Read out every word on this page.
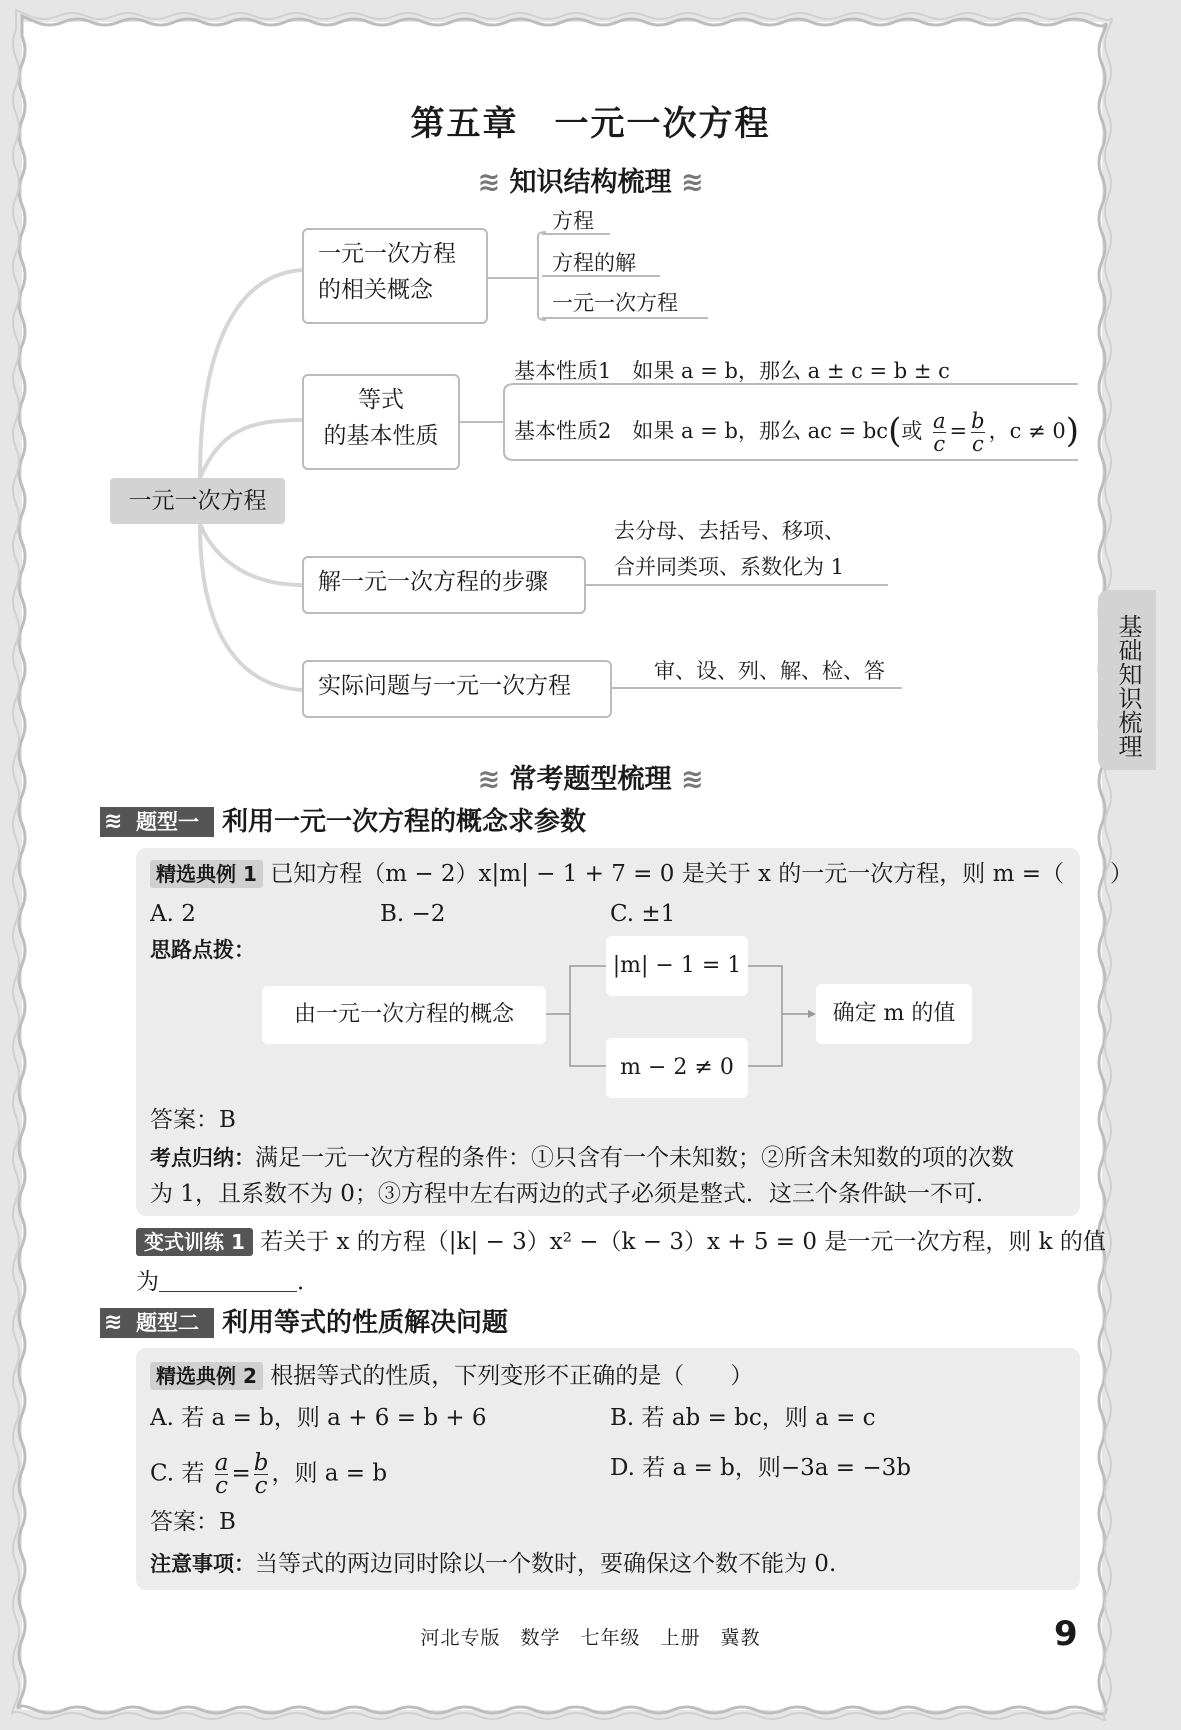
第五章　一元一次方程
≋ 知识结构梳理 ≋
一元一次方程
一元一次方程
的相关概念
方程
方程的解
一元一次方程
等式
的基本性质
基本性质1　如果 a = b，那么 a ± c = b ± c
基本性质2　如果 a = b，那么 ac = bc(或 $\frac{a}{c} = \frac{b}{c}$ ，c ≠ 0)
解一元一次方程的步骤
去分母、去括号、移项、
合并同类项、系数化为 1
实际问题与一元一次方程
审、设、列、解、检、答	基础知识梳理
≋ 常考题型梳理 ≋
≋ 题型一 利用一元一次方程的概念求参数
精选典例 1 已知方程（m − 2）x|m| − 1 + 7 = 0 是关于 x 的一元一次方程，则 m =（　　）
A. 2	B. −2	C. ±1
思路点拨：
由一元一次方程的概念
|m| − 1 = 1
m − 2 ≠ 0
确定 m 的值
答案：B
考点归纳：满足一元一次方程的条件：①只含有一个未知数；②所含未知数的项的次数
为 1，且系数不为 0；③方程中左右两边的式子必须是整式．这三个条件缺一不可．
变式训练 1 若关于 x 的方程（|k| − 3）x² −（k − 3）x + 5 = 0 是一元一次方程，则 k 的值
为＿＿＿＿＿＿．
≋ 题型二 利用等式的性质解决问题
精选典例 2 根据等式的性质，下列变形不正确的是（　　）
A. 若 a = b，则 a + 6 = b + 6	B. 若 ab = bc，则 a = c
C. 若 $\frac{a}{c} = \frac{b}{c}$ ，则 a = b	D. 若 a = b，则−3a = −3b
答案：B
注意事项：当等式的两边同时除以一个数时，要确保这个数不能为 0.
河北专版　数学　七年级　上册　冀教	9
